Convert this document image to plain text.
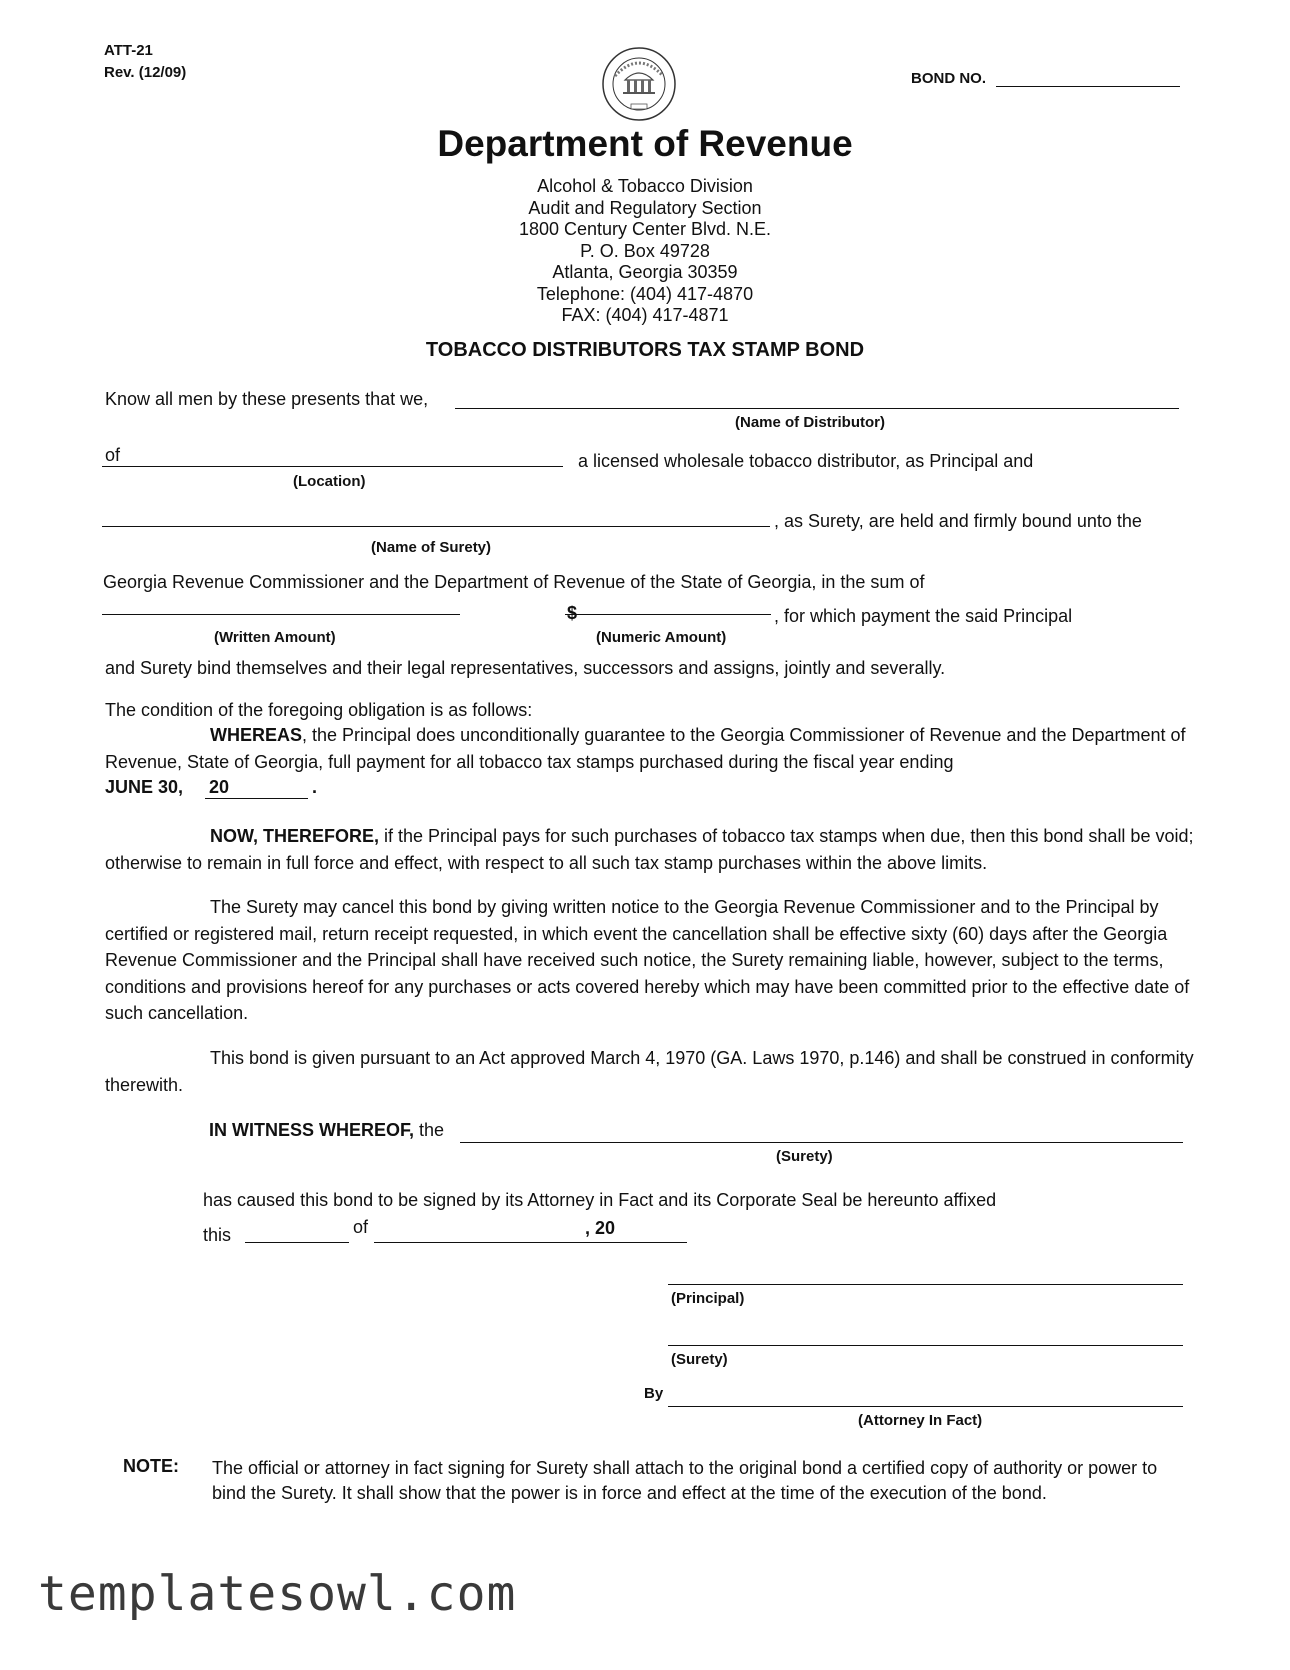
ATT-21
Rev. (12/09)	BOND NO.
Department of Revenue
Alcohol & Tobacco Division
Audit and Regulatory Section
1800 Century Center Blvd. N.E.
P. O. Box 49728
Atlanta, Georgia 30359
Telephone: (404) 417-4870
FAX: (404) 417-4871
TOBACCO DISTRIBUTORS TAX STAMP BOND
Know all men by these presents that we,
(Name of Distributor)
of	a licensed wholesale tobacco distributor, as Principal and
(Location)
, as Surety, are held and firmly bound unto the
(Name of Surety)
Georgia Revenue Commissioner and the Department of Revenue of the State of Georgia, in the sum of
$	, for which payment the said Principal
(Written Amount)	(Numeric Amount)
and Surety bind themselves and their legal representatives, successors and assigns, jointly and severally.
The condition of the foregoing obligation is as follows:
WHEREAS, the Principal does unconditionally guarantee to the Georgia Commissioner of Revenue and the Department of Revenue, State of Georgia, full payment for all tobacco tax stamps purchased during the fiscal year ending
JUNE 30, 20	.
NOW, THEREFORE, if the Principal pays for such purchases of tobacco tax stamps when due, then this bond shall be void; otherwise to remain in full force and effect, with respect to all such tax stamp purchases within the above limits.
The Surety may cancel this bond by giving written notice to the Georgia Revenue Commissioner and to the Principal by certified or registered mail, return receipt requested, in which event the cancellation shall be effective sixty (60) days after the Georgia Revenue Commissioner and the Principal shall have received such notice, the Surety remaining liable, however, subject to the terms, conditions and provisions hereof for any purchases or acts covered hereby which may have been committed prior to the effective date of such cancellation.
This bond is given pursuant to an Act approved March 4, 1970 (GA. Laws 1970, p.146) and shall be construed in conformity therewith.
IN WITNESS WHEREOF, the
(Surety)
has caused this bond to be signed by its Attorney in Fact and its Corporate Seal be hereunto affixed
this	of	, 20
(Principal)
(Surety)
By
(Attorney In Fact)
NOTE: The official or attorney in fact signing for Surety shall attach to the original bond a certified copy of authority or power to bind the Surety. It shall show that the power is in force and effect at the time of the execution of the bond.
templatesowl.com
